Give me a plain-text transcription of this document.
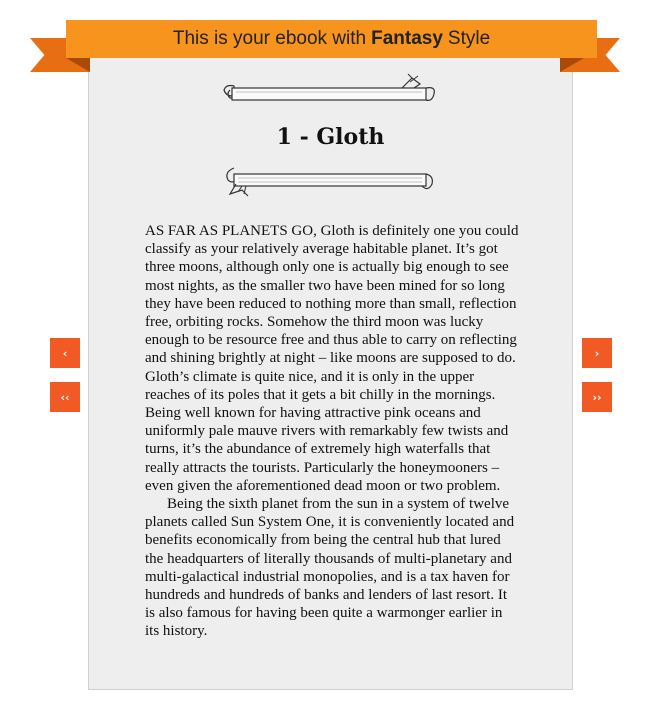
This is your ebook with Fantasy Style
1 - Gloth

AS FAR AS PLANETS GO, Gloth is definitely one you could classify as your relatively average habitable planet. It’s got three moons, although only one is actually big enough to see most nights, as the smaller two have been mined for so long they have been reduced to nothing more than small, reflection free, orbiting rocks. Somehow the third moon was lucky enough to be resource free and thus able to carry on reflecting and shining brightly at night – like moons are supposed to do. Gloth’s climate is quite nice, and it is only in the upper reaches of its poles that it gets a bit chilly in the mornings. Being well known for having attractive pink oceans and uniformly pale mauve rivers with remarkably few twists and turns, it’s the abundance of extremely high waterfalls that really attracts the tourists. Particularly the honeymooners – even given the aforementioned dead moon or two problem.

Being the sixth planet from the sun in a system of twelve planets called Sun System One, it is conveniently located and benefits economically from being the central hub that lured the headquarters of literally thousands of multi-planetary and multi-galactical industrial monopolies, and is a tax haven for hundreds and hundreds of banks and lenders of last resort. It is also famous for having been quite a warmonger earlier in its history.

‹
‹‹
›
››
